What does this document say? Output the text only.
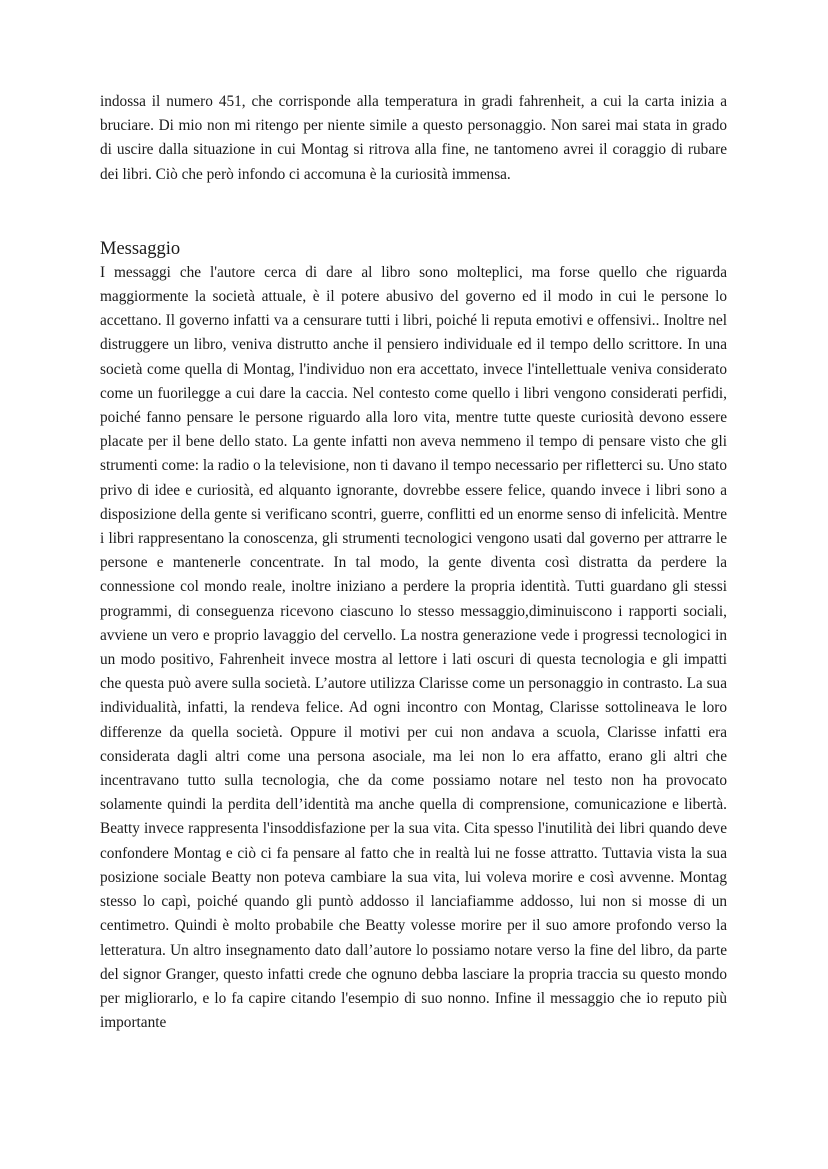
indossa il numero 451, che corrisponde alla temperatura in gradi fahrenheit, a cui la carta inizia a bruciare. Di mio non mi ritengo per niente simile a questo personaggio. Non sarei mai stata in grado di uscire dalla situazione in cui Montag si ritrova alla fine, ne tantomeno avrei il coraggio di rubare dei libri. Ciò che però infondo ci accomuna è la curiosità immensa.

Messaggio

I messaggi che l'autore cerca di dare al libro sono molteplici, ma forse quello che riguarda maggiormente la società attuale, è il potere abusivo del governo ed il modo in cui le persone lo accettano. Il governo infatti va a censurare tutti i libri, poiché li reputa emotivi e offensivi.. Inoltre nel distruggere un libro, veniva distrutto anche il pensiero individuale ed il tempo dello scrittore. In una società come quella di Montag, l'individuo non era accettato, invece l'intellettuale veniva considerato come un fuorilegge a cui dare la caccia. Nel contesto come quello i libri vengono considerati perfidi, poiché fanno pensare le persone riguardo alla loro vita, mentre tutte queste curiosità devono essere placate per il bene dello stato. La gente infatti non aveva nemmeno il tempo di pensare visto che gli strumenti come: la radio o la televisione, non ti davano il tempo necessario per rifletterci su. Uno stato privo di idee e curiosità, ed alquanto ignorante, dovrebbe essere felice, quando invece i libri sono a disposizione della gente si verificano scontri, guerre, conflitti ed un enorme senso di infelicità. Mentre i libri rappresentano la conoscenza, gli strumenti tecnologici vengono usati dal governo per attrarre le persone e mantenerle concentrate. In tal modo, la gente diventa così distratta da perdere la connessione col mondo reale, inoltre iniziano a perdere la propria identità. Tutti guardano gli stessi programmi, di conseguenza ricevono ciascuno lo stesso messaggio,diminuiscono i rapporti sociali, avviene un vero e proprio lavaggio del cervello. La nostra generazione vede i progressi tecnologici in un modo positivo, Fahrenheit invece mostra al lettore i lati oscuri di questa tecnologia e gli impatti che questa può avere sulla società. L’autore utilizza Clarisse come un personaggio in contrasto. La sua individualità, infatti, la rendeva felice. Ad ogni incontro con Montag, Clarisse sottolineava le loro differenze da quella società. Oppure il motivi per cui non andava a scuola, Clarisse infatti era considerata dagli altri come una persona asociale, ma lei non lo era affatto, erano gli altri che incentravano tutto sulla tecnologia, che da come possiamo notare nel testo non ha provocato solamente quindi la perdita dell’identità ma anche quella di comprensione, comunicazione e libertà. Beatty invece rappresenta l'insoddisfazione per la sua vita. Cita spesso l'inutilità dei libri quando deve confondere Montag e ciò ci fa pensare al fatto che in realtà lui ne fosse attratto. Tuttavia vista la sua posizione sociale Beatty non poteva cambiare la sua vita, lui voleva morire e così avvenne. Montag stesso lo capì, poiché quando gli puntò addosso il lanciafiamme addosso, lui non si mosse di un centimetro. Quindi è molto probabile che Beatty volesse morire per il suo amore profondo verso la letteratura. Un altro insegnamento dato dall’autore lo possiamo notare verso la fine del libro, da parte del signor Granger, questo infatti crede che ognuno debba lasciare la propria traccia su questo mondo per migliorarlo, e lo fa capire citando l'esempio di suo nonno. Infine il messaggio che io reputo più importante
